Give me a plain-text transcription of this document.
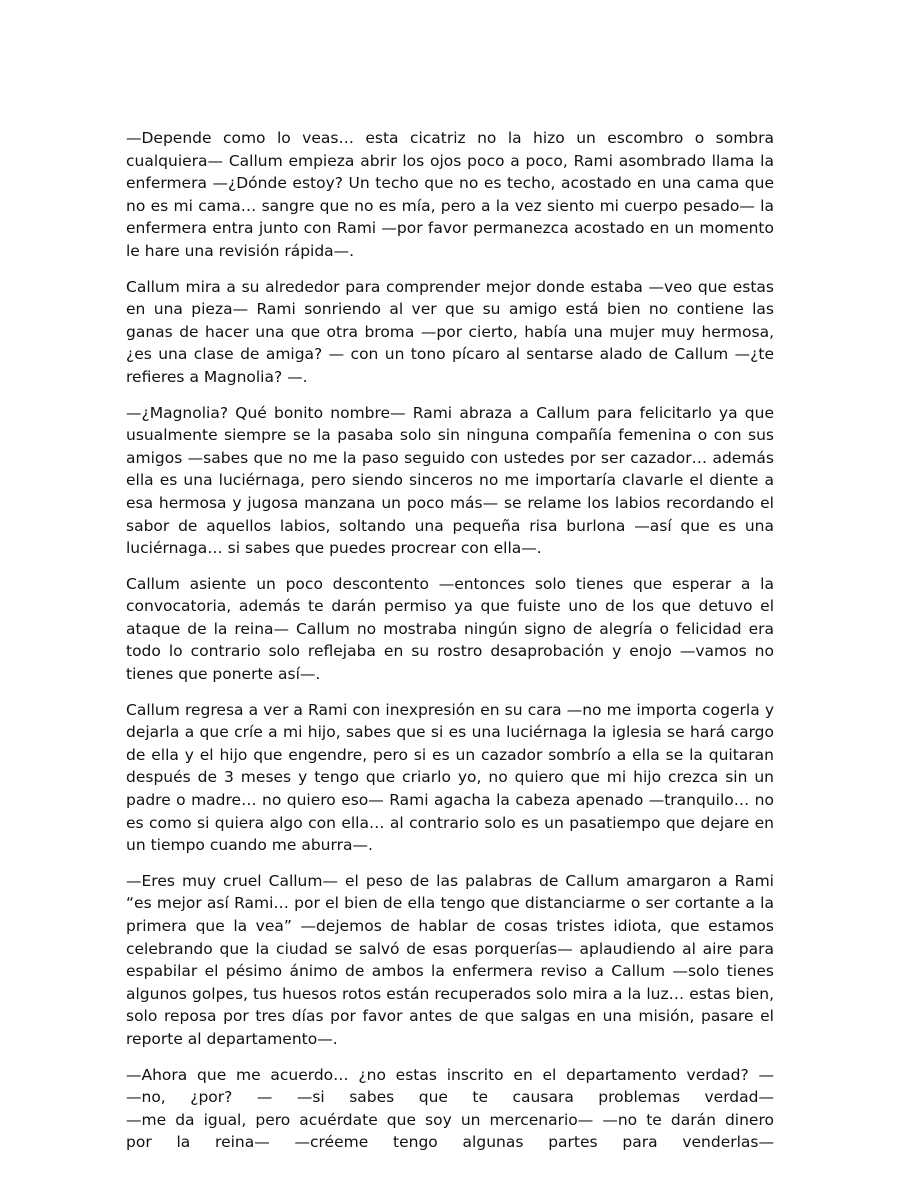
—Depende como lo veas… esta cicatriz no la hizo un escombro o sombra cualquiera— Callum empieza abrir los ojos poco a poco, Rami asombrado llama la enfermera —¿Dónde estoy? Un techo que no es techo, acostado en una cama que no es mi cama… sangre que no es mía, pero a la vez siento mi cuerpo pesado— la enfermera entra junto con Rami —por favor permanezca acostado en un momento le hare una revisión rápida—.

Callum mira a su alrededor para comprender mejor donde estaba —veo que estas en una pieza— Rami sonriendo al ver que su amigo está bien no contiene las ganas de hacer una que otra broma —por cierto, había una mujer muy hermosa, ¿es una clase de amiga? — con un tono pícaro al sentarse alado de Callum —¿te refieres a Magnolia? —.

—¿Magnolia? Qué bonito nombre— Rami abraza a Callum para felicitarlo ya que usualmente siempre se la pasaba solo sin ninguna compañía femenina o con sus amigos —sabes que no me la paso seguido con ustedes por ser cazador… además ella es una luciérnaga, pero siendo sinceros no me importaría clavarle el diente a esa hermosa y jugosa manzana un poco más— se relame los labios recordando el sabor de aquellos labios, soltando una pequeña risa burlona —así que es una luciérnaga… si sabes que puedes procrear con ella—.

Callum asiente un poco descontento —entonces solo tienes que esperar a la convocatoria, además te darán permiso ya que fuiste uno de los que detuvo el ataque de la reina— Callum no mostraba ningún signo de alegría o felicidad era todo lo contrario solo reflejaba en su rostro desaprobación y enojo —vamos no tienes que ponerte así—.

Callum regresa a ver a Rami con inexpresión en su cara —no me importa cogerla y dejarla a que críe a mi hijo, sabes que si es una luciérnaga la iglesia se hará cargo de ella y el hijo que engendre, pero si es un cazador sombrío a ella se la quitaran después de 3 meses y tengo que criarlo yo, no quiero que mi hijo crezca sin un padre o madre… no quiero eso— Rami agacha la cabeza apenado —tranquilo… no es como si quiera algo con ella… al contrario solo es un pasatiempo que dejare en un tiempo cuando me aburra—.

—Eres muy cruel Callum— el peso de las palabras de Callum amargaron a Rami “es mejor así Rami… por el bien de ella tengo que distanciarme o ser cortante a la primera que la vea” —dejemos de hablar de cosas tristes idiota, que estamos celebrando que la ciudad se salvó de esas porquerías— aplaudiendo al aire para espabilar el pésimo ánimo de ambos la enfermera reviso a Callum —solo tienes algunos golpes, tus huesos rotos están recuperados solo mira a la luz… estas bien, solo reposa por tres días por favor antes de que salgas en una misión, pasare el reporte al departamento—.

—Ahora que me acuerdo… ¿no estas inscrito en el departamento verdad? —
—no, ¿por? — —si sabes que te causara problemas verdad—
—me da igual, pero acuérdate que soy un mercenario— —no te darán dinero
por la reina— —créeme tengo algunas partes para venderlas—
